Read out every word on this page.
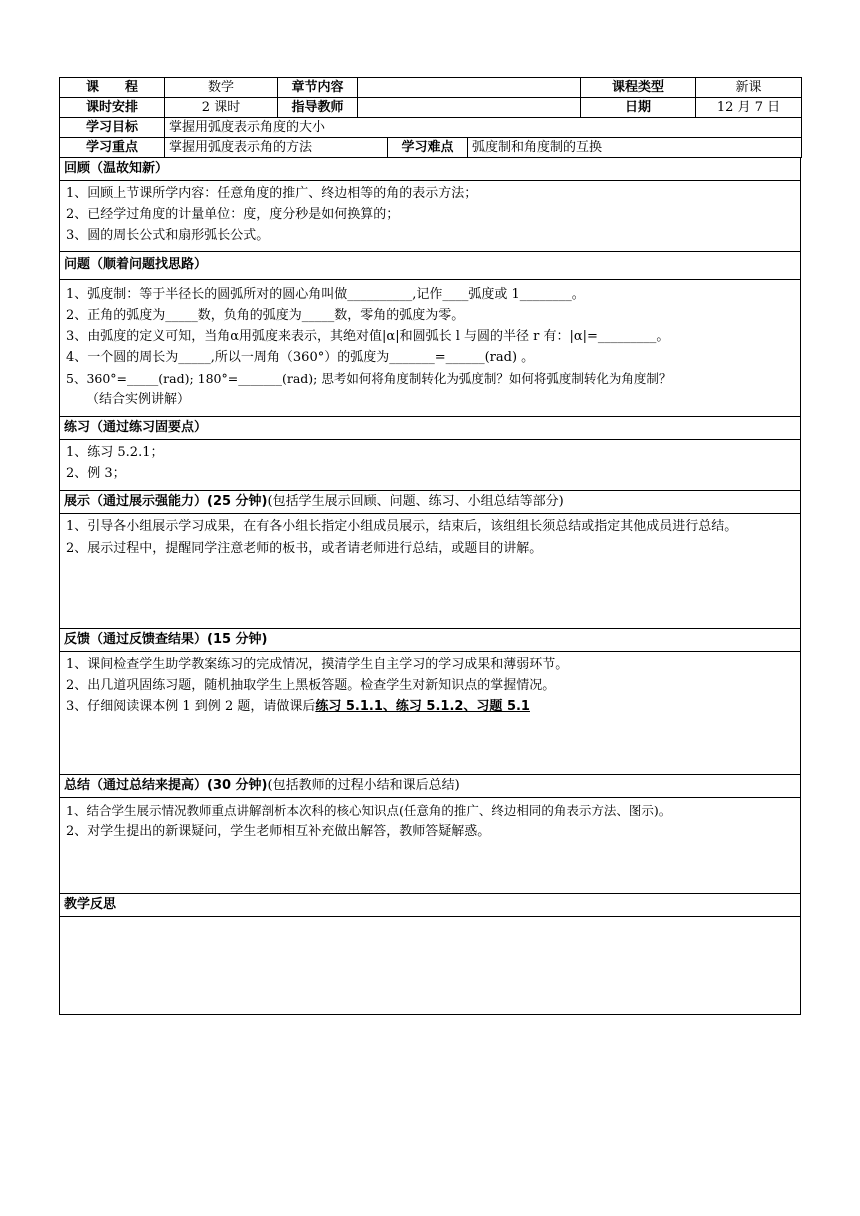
课　　程	数学	章节内容		课程类型	新课
课时安排	2 课时	指导教师		日期	12 月 7 日
学习目标	掌握用弧度表示角度的大小
学习重点	掌握用弧度表示角的方法	学习难点	弧度制和角度制的互换
回顾（温故知新）
1、回顾上节课所学内容：任意角度的推广、终边相等的角的表示方法；
2、已经学过角度的计量单位：度，度分秒是如何换算的；
3、圆的周长公式和扇形弧长公式。
问题（顺着问题找思路）
1、弧度制：等于半径长的圆弧所对的圆心角叫做__________,记作____弧度或 1________。
2、正角的弧度为_____数，负角的弧度为_____数，零角的弧度为零。
3、由弧度的定义可知，当角α用弧度来表示，其绝对值|α|和圆弧长 l 与圆的半径 r 有：|α|=_________。
4、一个圆的周长为_____,所以一周角（360°）的弧度为_______=______(rad) 。
5、360°=_____(rad); 180°=_______(rad); 思考如何将角度制转化为弧度制？如何将弧度制转化为角度制？
（结合实例讲解）
练习（通过练习固要点）
1、练习 5.2.1；
2、例 3；
展示（通过展示强能力）(25 分钟)(包括学生展示回顾、问题、练习、小组总结等部分)
1、引导各小组展示学习成果，在有各小组长指定小组成员展示，结束后，该组组长须总结或指定其他成员进行总结。
2、展示过程中，提醒同学注意老师的板书，或者请老师进行总结，或题目的讲解。
反馈（通过反馈查结果）(15 分钟)
1、课间检查学生助学教案练习的完成情况，摸清学生自主学习的学习成果和薄弱环节。
2、出几道巩固练习题，随机抽取学生上黑板答题。检查学生对新知识点的掌握情况。
3、仔细阅读课本例 1 到例 2 题，请做课后练习 5.1.1、练习 5.1.2、习题 5.1
总结（通过总结来提高）(30 分钟)(包括教师的过程小结和课后总结)
1、结合学生展示情况教师重点讲解剖析本次科的核心知识点(任意角的推广、终边相同的角表示方法、图示)。
2、对学生提出的新课疑问，学生老师相互补充做出解答，教师答疑解惑。
教学反思
